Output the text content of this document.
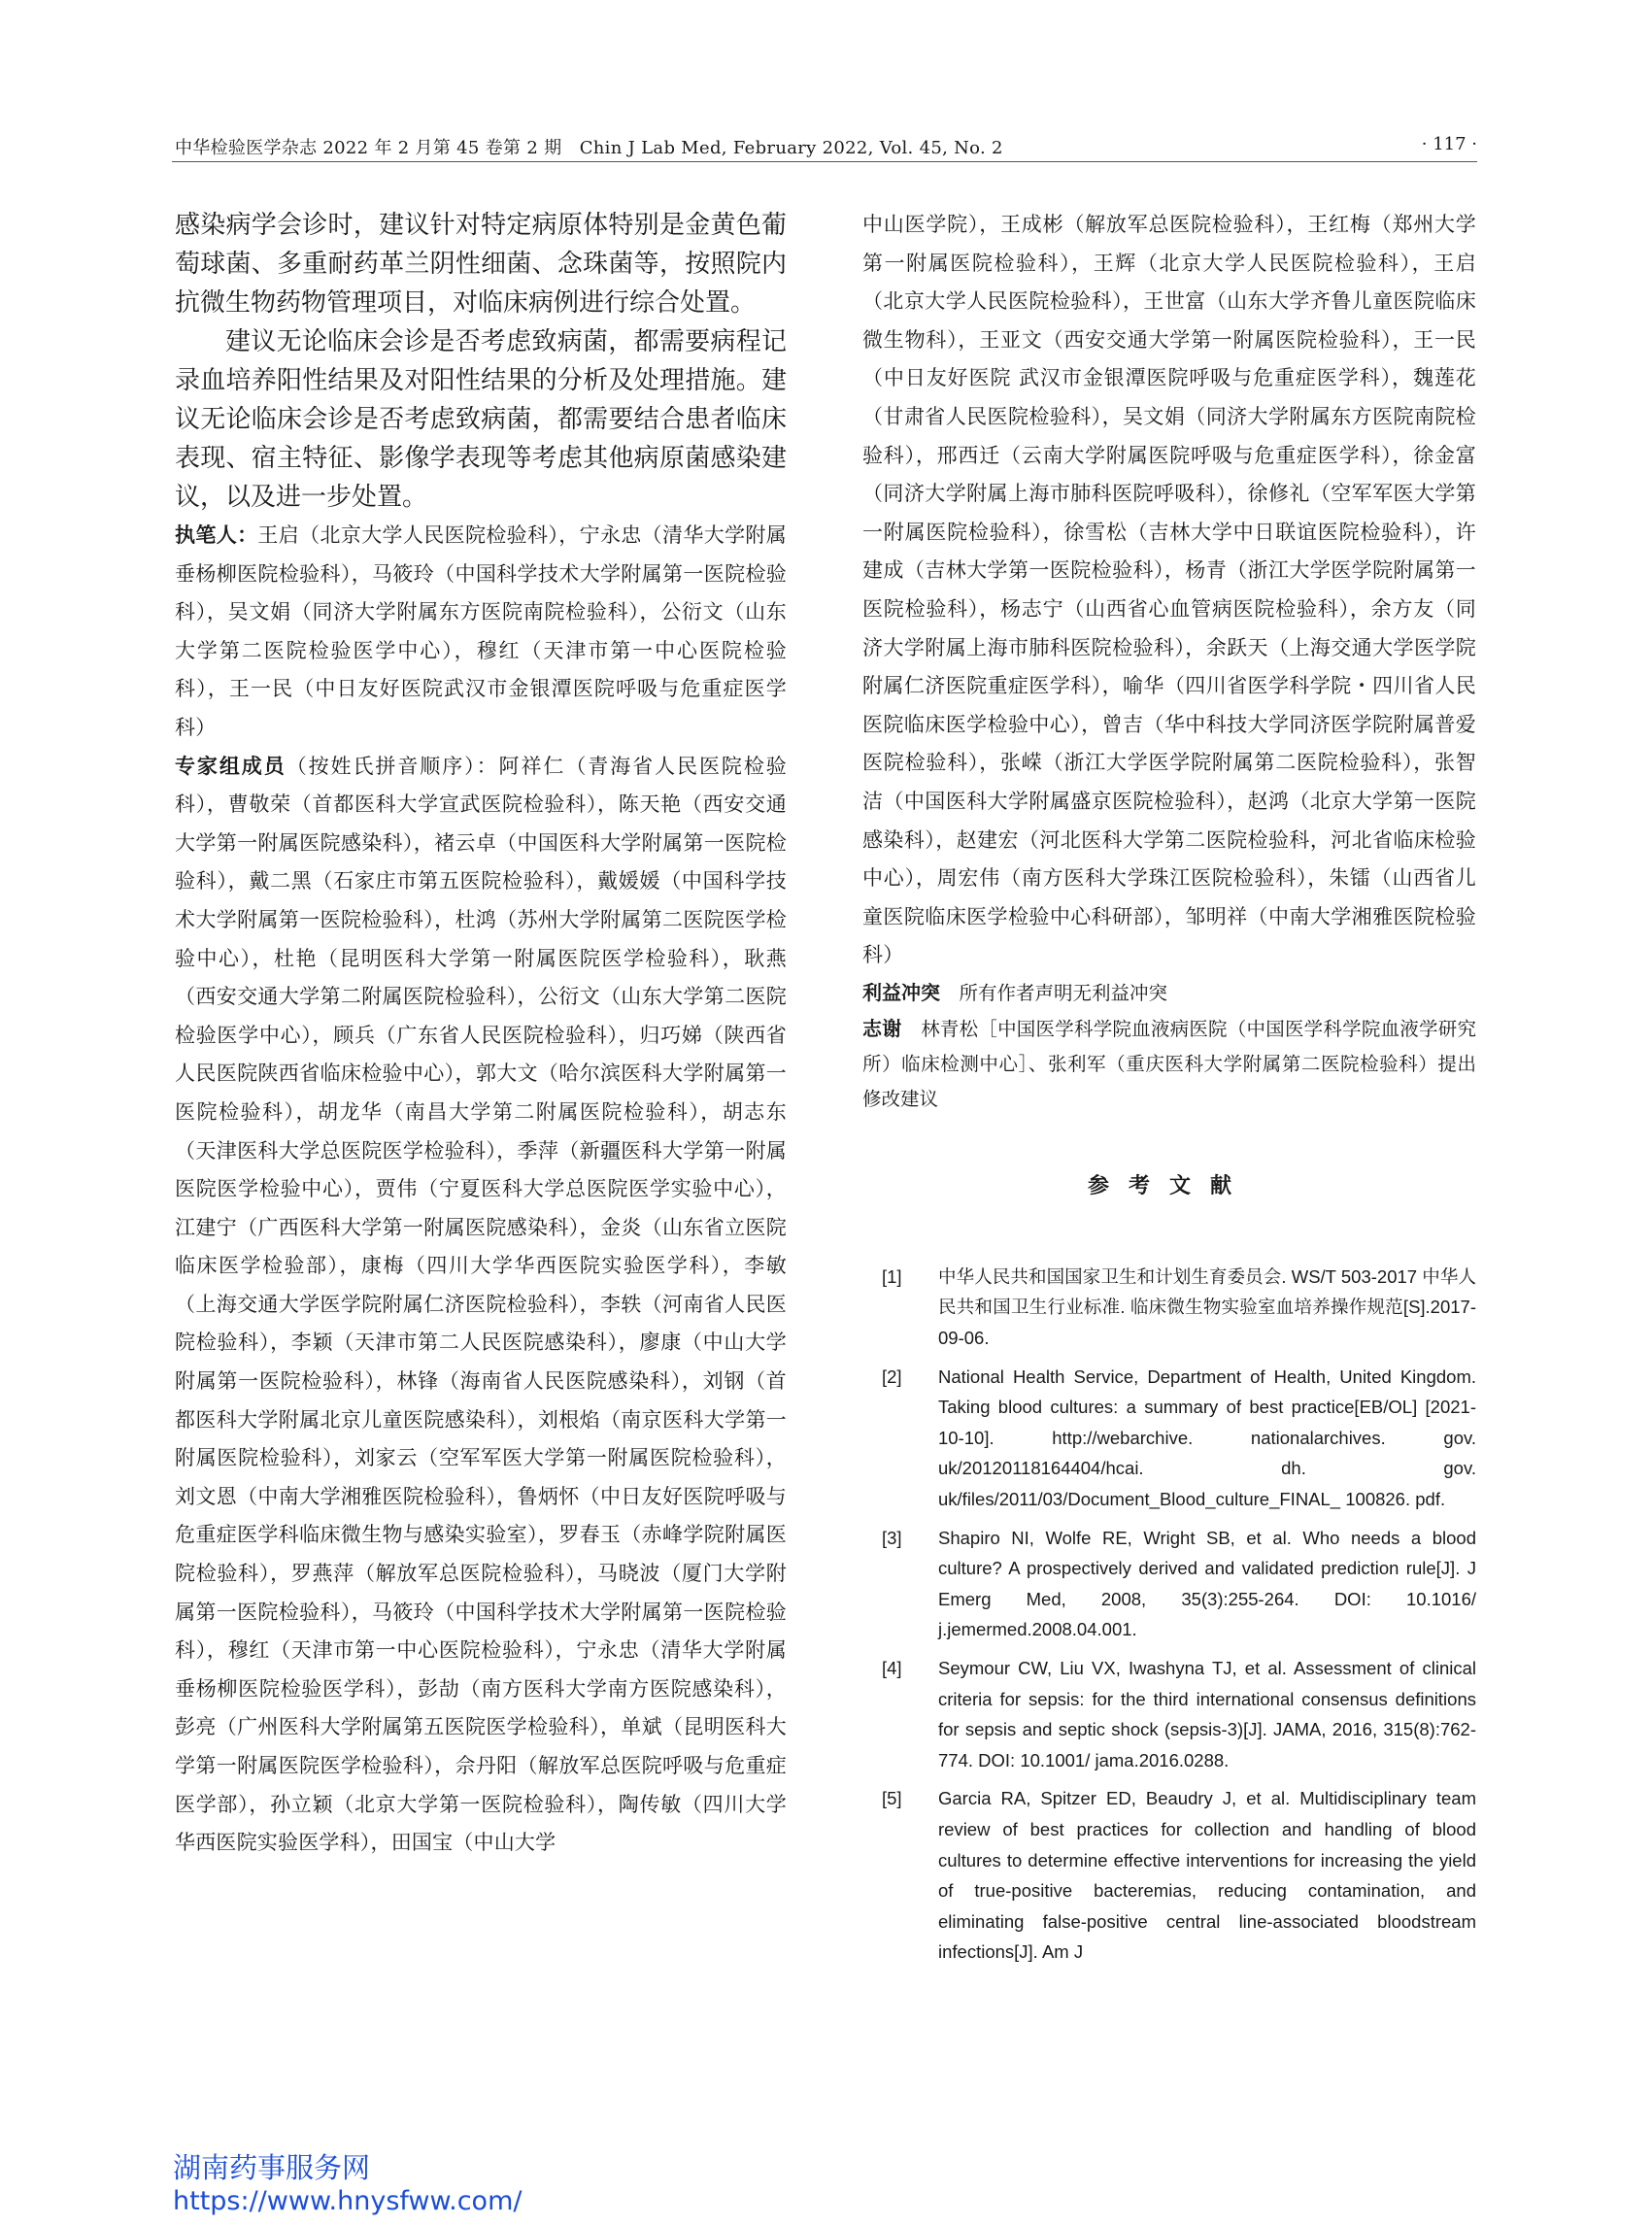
中华检验医学杂志 2022 年 2 月第 45 卷第 2 期　Chin J Lab Med, February 2022, Vol. 45, No. 2	· 117 ·

感染病学会诊时，建议针对特定病原体特别是金黄色葡萄球菌、多重耐药革兰阴性细菌、念珠菌等，按照院内抗微生物药物管理项目，对临床病例进行综合处置。

建议无论临床会诊是否考虑致病菌，都需要病程记录血培养阳性结果及对阳性结果的分析及处理措施。建议无论临床会诊是否考虑致病菌，都需要结合患者临床表现、宿主特征、影像学表现等考虑其他病原菌感染建议，以及进一步处置。

执笔人：王启（北京大学人民医院检验科），宁永忠（清华大学附属垂杨柳医院检验科），马筱玲（中国科学技术大学附属第一医院检验科），吴文娟（同济大学附属东方医院南院检验科），公衍文（山东大学第二医院检验医学中心），穆红（天津市第一中心医院检验科），王一民（中日友好医院武汉市金银潭医院呼吸与危重症医学科）

专家组成员（按姓氏拼音顺序）：阿祥仁（青海省人民医院检验科），曹敬荣（首都医科大学宣武医院检验科），陈天艳（西安交通大学第一附属医院感染科），褚云卓（中国医科大学附属第一医院检验科），戴二黑（石家庄市第五医院检验科），戴媛媛（中国科学技术大学附属第一医院检验科），杜鸿（苏州大学附属第二医院医学检验中心），杜艳（昆明医科大学第一附属医院医学检验科），耿燕（西安交通大学第二附属医院检验科），公衍文（山东大学第二医院检验医学中心），顾兵（广东省人民医院检验科），归巧娣（陕西省人民医院陕西省临床检验中心），郭大文（哈尔滨医科大学附属第一医院检验科），胡龙华（南昌大学第二附属医院检验科），胡志东（天津医科大学总医院医学检验科），季萍（新疆医科大学第一附属医院医学检验中心），贾伟（宁夏医科大学总医院医学实验中心），江建宁（广西医科大学第一附属医院感染科），金炎（山东省立医院临床医学检验部），康梅（四川大学华西医院实验医学科），李敏（上海交通大学医学院附属仁济医院检验科），李轶（河南省人民医院检验科），李颖（天津市第二人民医院感染科），廖康（中山大学附属第一医院检验科），林锋（海南省人民医院感染科），刘钢（首都医科大学附属北京儿童医院感染科），刘根焰（南京医科大学第一附属医院检验科），刘家云（空军军医大学第一附属医院检验科），刘文恩（中南大学湘雅医院检验科），鲁炳怀（中日友好医院呼吸与危重症医学科临床微生物与感染实验室），罗春玉（赤峰学院附属医院检验科），罗燕萍（解放军总医院检验科），马晓波（厦门大学附属第一医院检验科），马筱玲（中国科学技术大学附属第一医院检验科），穆红（天津市第一中心医院检验科），宁永忠（清华大学附属垂杨柳医院检验医学科），彭劼（南方医科大学南方医院感染科），彭亮（广州医科大学附属第五医院医学检验科），单斌（昆明医科大学第一附属医院医学检验科），佘丹阳（解放军总医院呼吸与危重症医学部），孙立颖（北京大学第一医院检验科），陶传敏（四川大学华西医院实验医学科），田国宝（中山大学

中山医学院），王成彬（解放军总医院检验科），王红梅（郑州大学第一附属医院检验科），王辉（北京大学人民医院检验科），王启（北京大学人民医院检验科），王世富（山东大学齐鲁儿童医院临床微生物科），王亚文（西安交通大学第一附属医院检验科），王一民（中日友好医院 武汉市金银潭医院呼吸与危重症医学科），魏莲花（甘肃省人民医院检验科），吴文娟（同济大学附属东方医院南院检验科），邢西迁（云南大学附属医院呼吸与危重症医学科），徐金富（同济大学附属上海市肺科医院呼吸科），徐修礼（空军军医大学第一附属医院检验科），徐雪松（吉林大学中日联谊医院检验科），许建成（吉林大学第一医院检验科），杨青（浙江大学医学院附属第一医院检验科），杨志宁（山西省心血管病医院检验科），余方友（同济大学附属上海市肺科医院检验科），余跃天（上海交通大学医学院附属仁济医院重症医学科），喻华（四川省医学科学院・四川省人民医院临床医学检验中心），曾吉（华中科技大学同济医学院附属普爱医院检验科），张嵘（浙江大学医学院附属第二医院检验科），张智洁（中国医科大学附属盛京医院检验科），赵鸿（北京大学第一医院感染科），赵建宏（河北医科大学第二医院检验科，河北省临床检验中心），周宏伟（南方医科大学珠江医院检验科），朱镭（山西省儿童医院临床医学检验中心科研部），邹明祥（中南大学湘雅医院检验科）

利益冲突　 所有作者声明无利益冲突

志谢　 林青松［中国医学科学院血液病医院（中国医学科学院血液学研究所）临床检测中心］、张利军（重庆医科大学附属第二医院检验科）提出修改建议

参考文献
[1] 中华人民共和国国家卫生和计划生育委员会. WS/T 503-2017 中华人民共和国卫生行业标准. 临床微生物实验室血培养操作规范[S].2017-09-06.
[2] National Health Service, Department of Health, United Kingdom. Taking blood cultures: a summary of best practice[EB/OL] [2021-10-10]. http://webarchive. nationalarchives. gov. uk/20120118164404/hcai. dh. gov. uk/files/2011/03/Document_Blood_culture_FINAL_ 100826. pdf.
[3] Shapiro NI, Wolfe RE, Wright SB, et al. Who needs a blood culture? A prospectively derived and validated prediction rule[J]. J Emerg Med, 2008, 35(3):255-264. DOI: 10.1016/ j.jemermed.2008.04.001.
[4] Seymour CW, Liu VX, Iwashyna TJ, et al. Assessment of clinical criteria for sepsis: for the third international consensus definitions for sepsis and septic shock (sepsis-3)[J]. JAMA, 2016, 315(8):762-774. DOI: 10.1001/ jama.2016.0288.
[5] Garcia RA, Spitzer ED, Beaudry J, et al. Multidisciplinary team review of best practices for collection and handling of blood cultures to determine effective interventions for increasing the yield of true-positive bacteremias, reducing contamination, and eliminating false-positive central line-associated bloodstream infections[J]. Am J
湖南药事服务网
https://www.hnysfww.com/
